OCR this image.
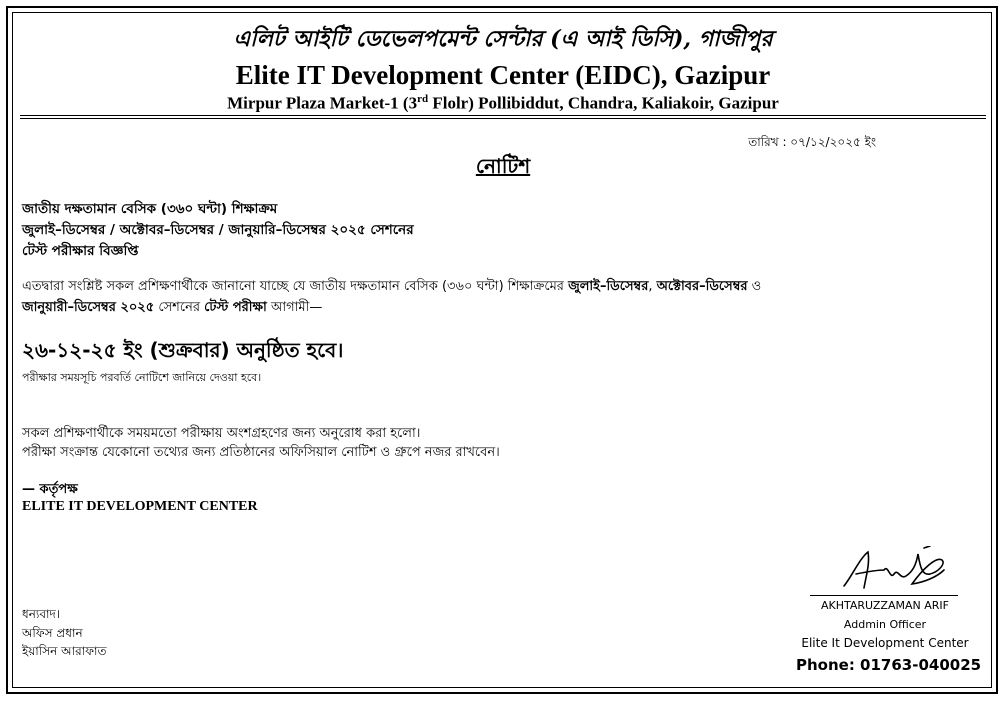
এলিট আইটি ডেভেলপমেন্ট সেন্টার (এ আই ডিসি), গাজীপুর
Elite IT Development Center (EIDC), Gazipur
Mirpur Plaza Market-1 (3rd Flolr) Pollibiddut, Chandra, Kaliakoir, Gazipur
তারিখ : ০৭/১২/২০২৫ ইং
নোটিশ
জাতীয় দক্ষতামান বেসিক (৩৬০ ঘন্টা) শিক্ষাক্রম
জুলাই–ডিসেম্বর / অক্টোবর–ডিসেম্বর / জানুয়ারি–ডিসেম্বর ২০২৫ সেশনের
টেস্ট পরীক্ষার বিজ্ঞপ্তি
এতদ্বারা সংশ্লিষ্ট সকল প্রশিক্ষণার্থীকে জানানো যাচ্ছে যে জাতীয় দক্ষতামান বেসিক (৩৬০ ঘন্টা) শিক্ষাক্রমের জুলাই–ডিসেম্বর, অক্টোবর–ডিসেম্বর ও
জানুয়ারী–ডিসেম্বর ২০২৫ সেশনের টেস্ট পরীক্ষা আগামী—
২৬-১২-২৫ ইং (শুক্রবার) অনুষ্ঠিত হবে।
পরীক্ষার সময়সূচি পরবর্তি নোটিশে জানিয়ে দেওয়া হবে।
সকল প্রশিক্ষণার্থীকে সময়মতো পরীক্ষায় অংশগ্রহণের জন্য অনুরোধ করা হলো।
পরীক্ষা সংক্রান্ত যেকোনো তথ্যের জন্য প্রতিষ্ঠানের অফিসিয়াল নোটিশ ও গ্রুপে নজর রাখবেন।
— কর্তৃপক্ষ
ELITE IT DEVELOPMENT CENTER
ধন্যবাদ।
অফিস প্রধান
ইয়াসিন আরাফাত
AKHTARUZZAMAN ARIF
Addmin Officer
Elite It Development Center
Phone: 01763-040025
